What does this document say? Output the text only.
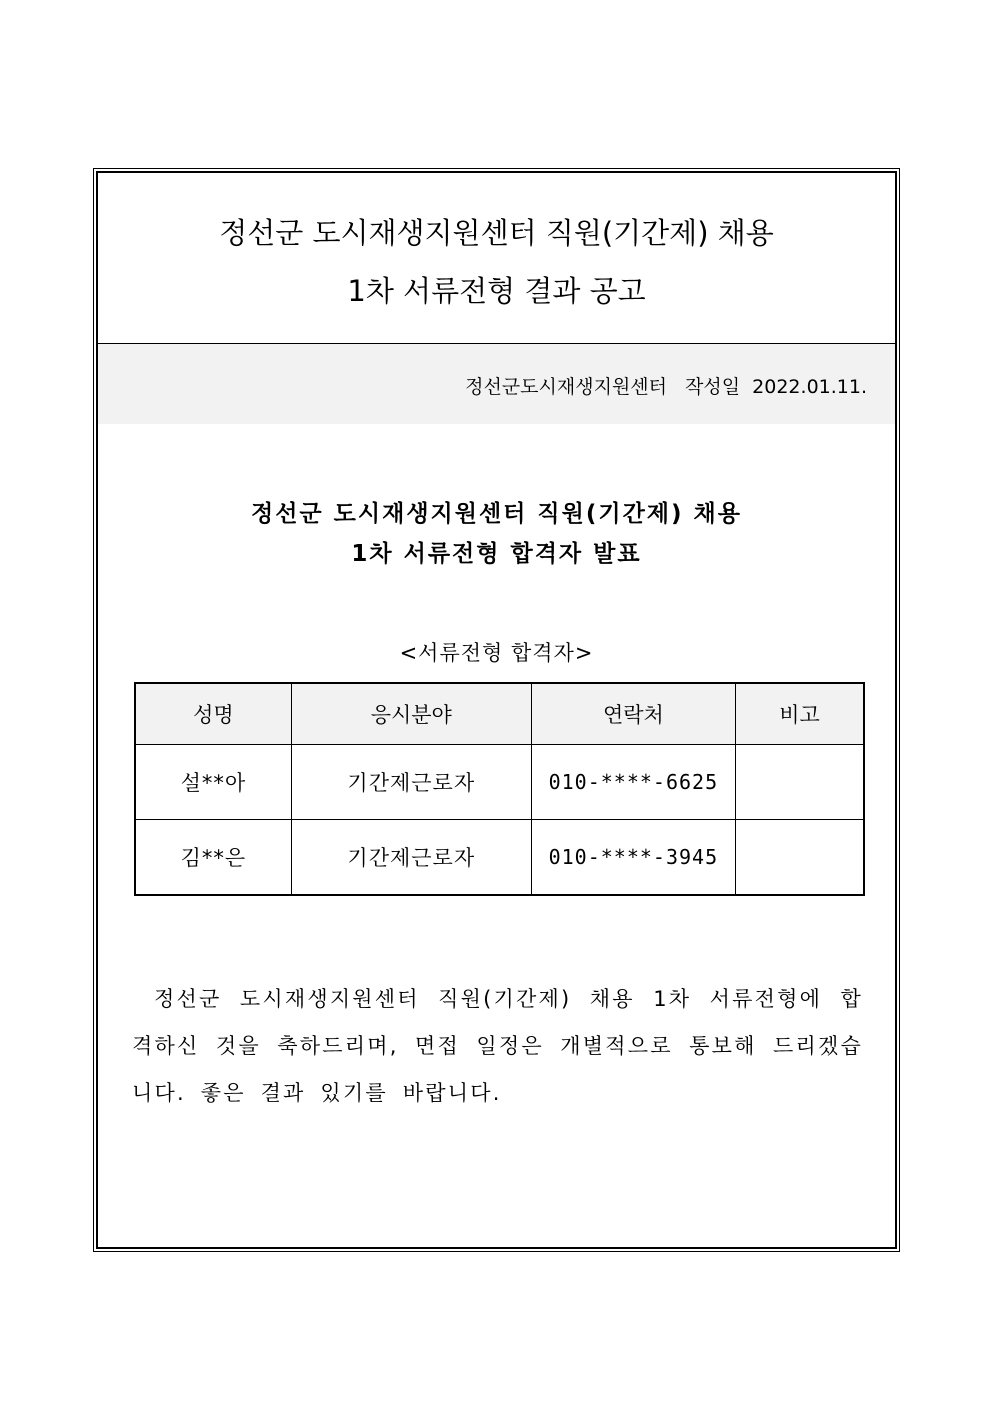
정선군 도시재생지원센터 직원(기간제) 채용
1차 서류전형 결과 공고
정선군도시재생지원센터 작성일 2022.01.11.
정선군 도시재생지원센터 직원(기간제) 채용
1차 서류전형 합격자 발표
<서류전형 합격자>
성명	응시분야	연락처	비고
설**아	기간제근로자	010-****-6625	
김**은	기간제근로자	010-****-3945	
정선군 도시재생지원센터 직원(기간제) 채용 1차 서류전형에 합격하신 것을 축하드리며, 면접 일정은 개별적으로 통보해 드리겠습니다. 좋은 결과 있기를 바랍니다.
